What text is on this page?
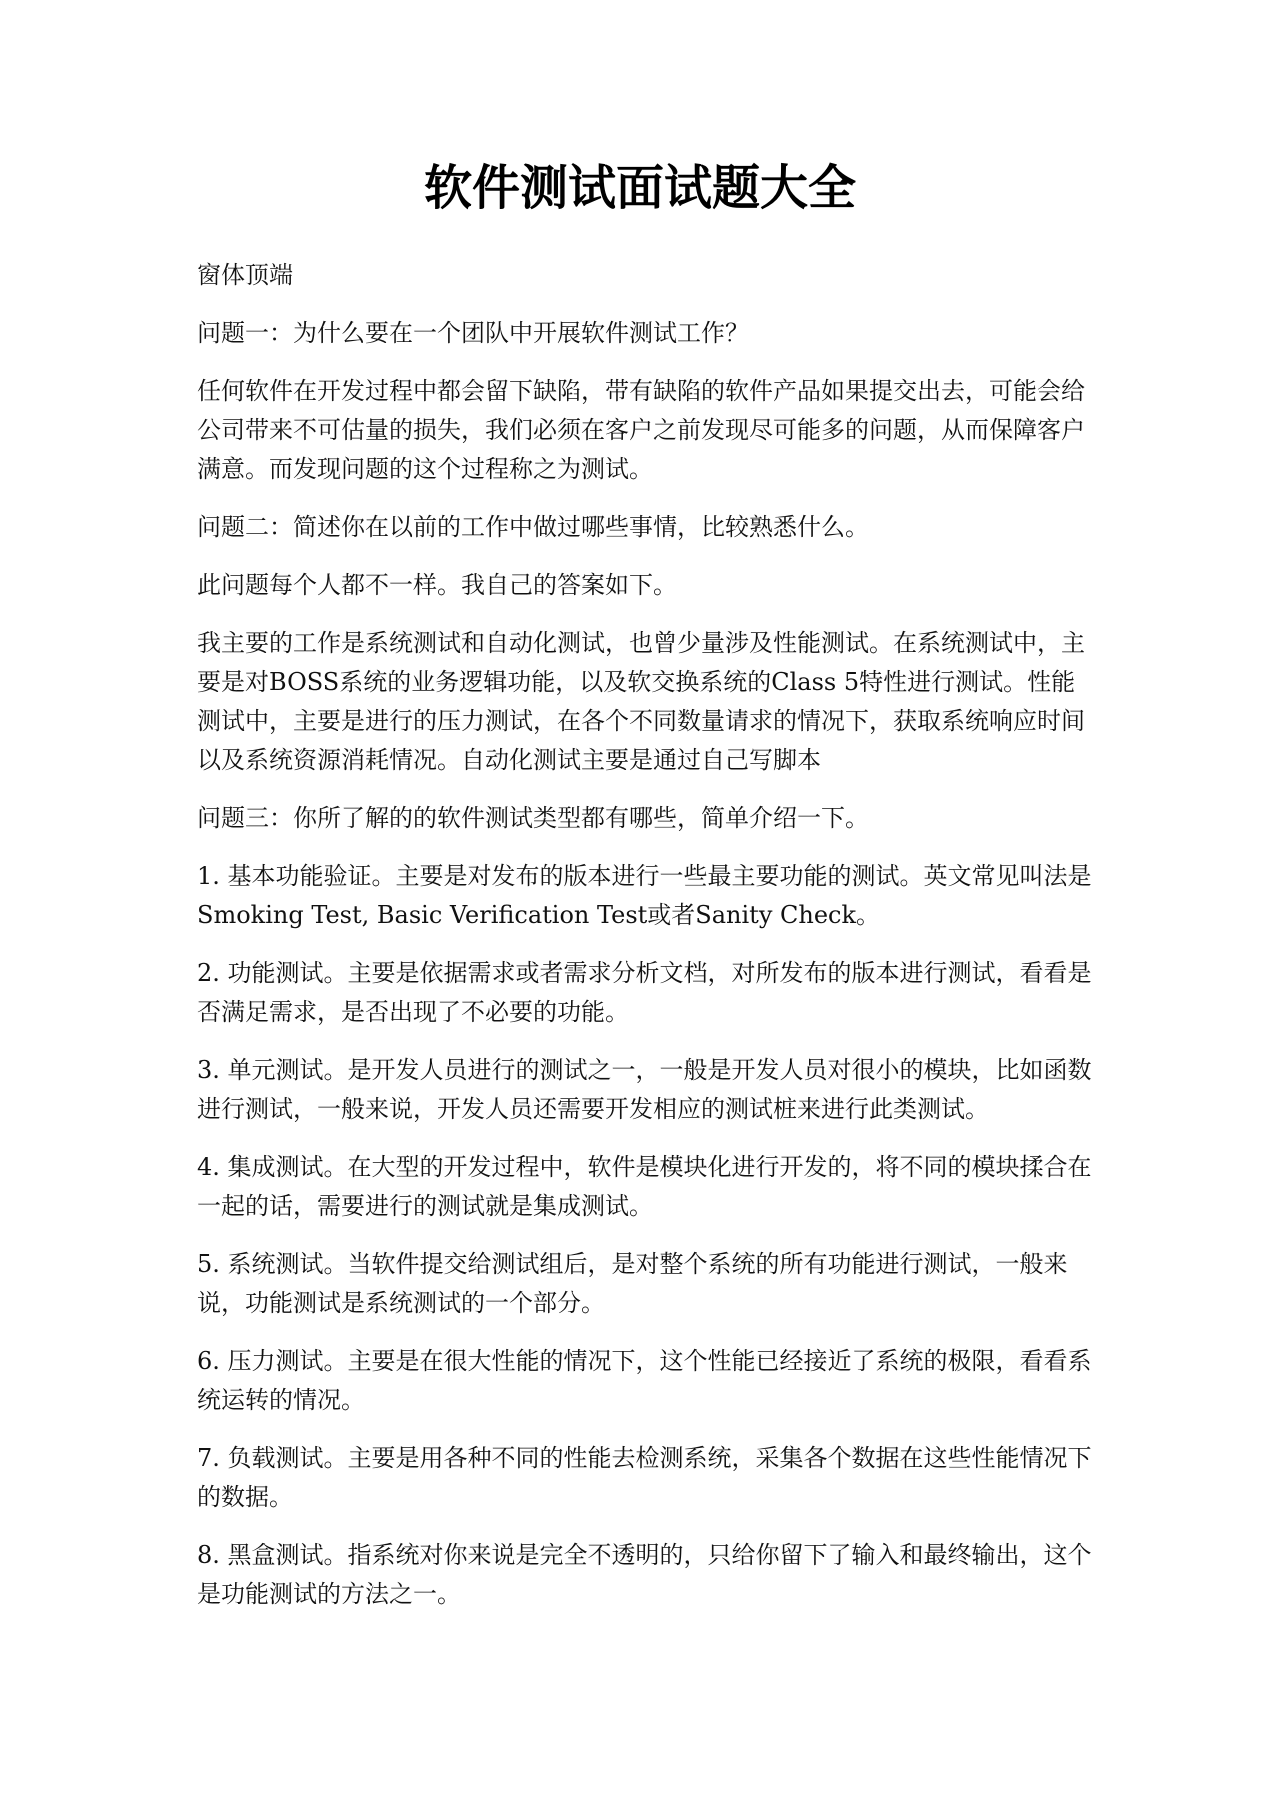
软件测试面试题大全

窗体顶端

问题一：为什么要在一个团队中开展软件测试工作？

任何软件在开发过程中都会留下缺陷，带有缺陷的软件产品如果提交出去，可能会给公司带来不可估量的损失，我们必须在客户之前发现尽可能多的问题，从而保障客户满意。而发现问题的这个过程称之为测试。

问题二：简述你在以前的工作中做过哪些事情，比较熟悉什么。

此问题每个人都不一样。我自己的答案如下。

我主要的工作是系统测试和自动化测试，也曾少量涉及性能测试。在系统测试中，主要是对BOSS系统的业务逻辑功能，以及软交换系统的Class 5特性进行测试。性能测试中，主要是进行的压力测试，在各个不同数量请求的情况下，获取系统响应时间以及系统资源消耗情况。自动化测试主要是通过自己写脚本

问题三：你所了解的的软件测试类型都有哪些，简单介绍一下。

1. 基本功能验证。主要是对发布的版本进行一些最主要功能的测试。英文常见叫法是Smoking Test, Basic Verification Test或者Sanity Check。

2. 功能测试。主要是依据需求或者需求分析文档，对所发布的版本进行测试，看看是否满足需求，是否出现了不必要的功能。

3. 单元测试。是开发人员进行的测试之一，一般是开发人员对很小的模块，比如函数进行测试，一般来说，开发人员还需要开发相应的测试桩来进行此类测试。

4. 集成测试。在大型的开发过程中，软件是模块化进行开发的，将不同的模块揉合在一起的话，需要进行的测试就是集成测试。

5. 系统测试。当软件提交给测试组后，是对整个系统的所有功能进行测试，一般来说，功能测试是系统测试的一个部分。

6. 压力测试。主要是在很大性能的情况下，这个性能已经接近了系统的极限，看看系统运转的情况。

7. 负载测试。主要是用各种不同的性能去检测系统，采集各个数据在这些性能情况下的数据。

8. 黑盒测试。指系统对你来说是完全不透明的，只给你留下了输入和最终输出，这个是功能测试的方法之一。
